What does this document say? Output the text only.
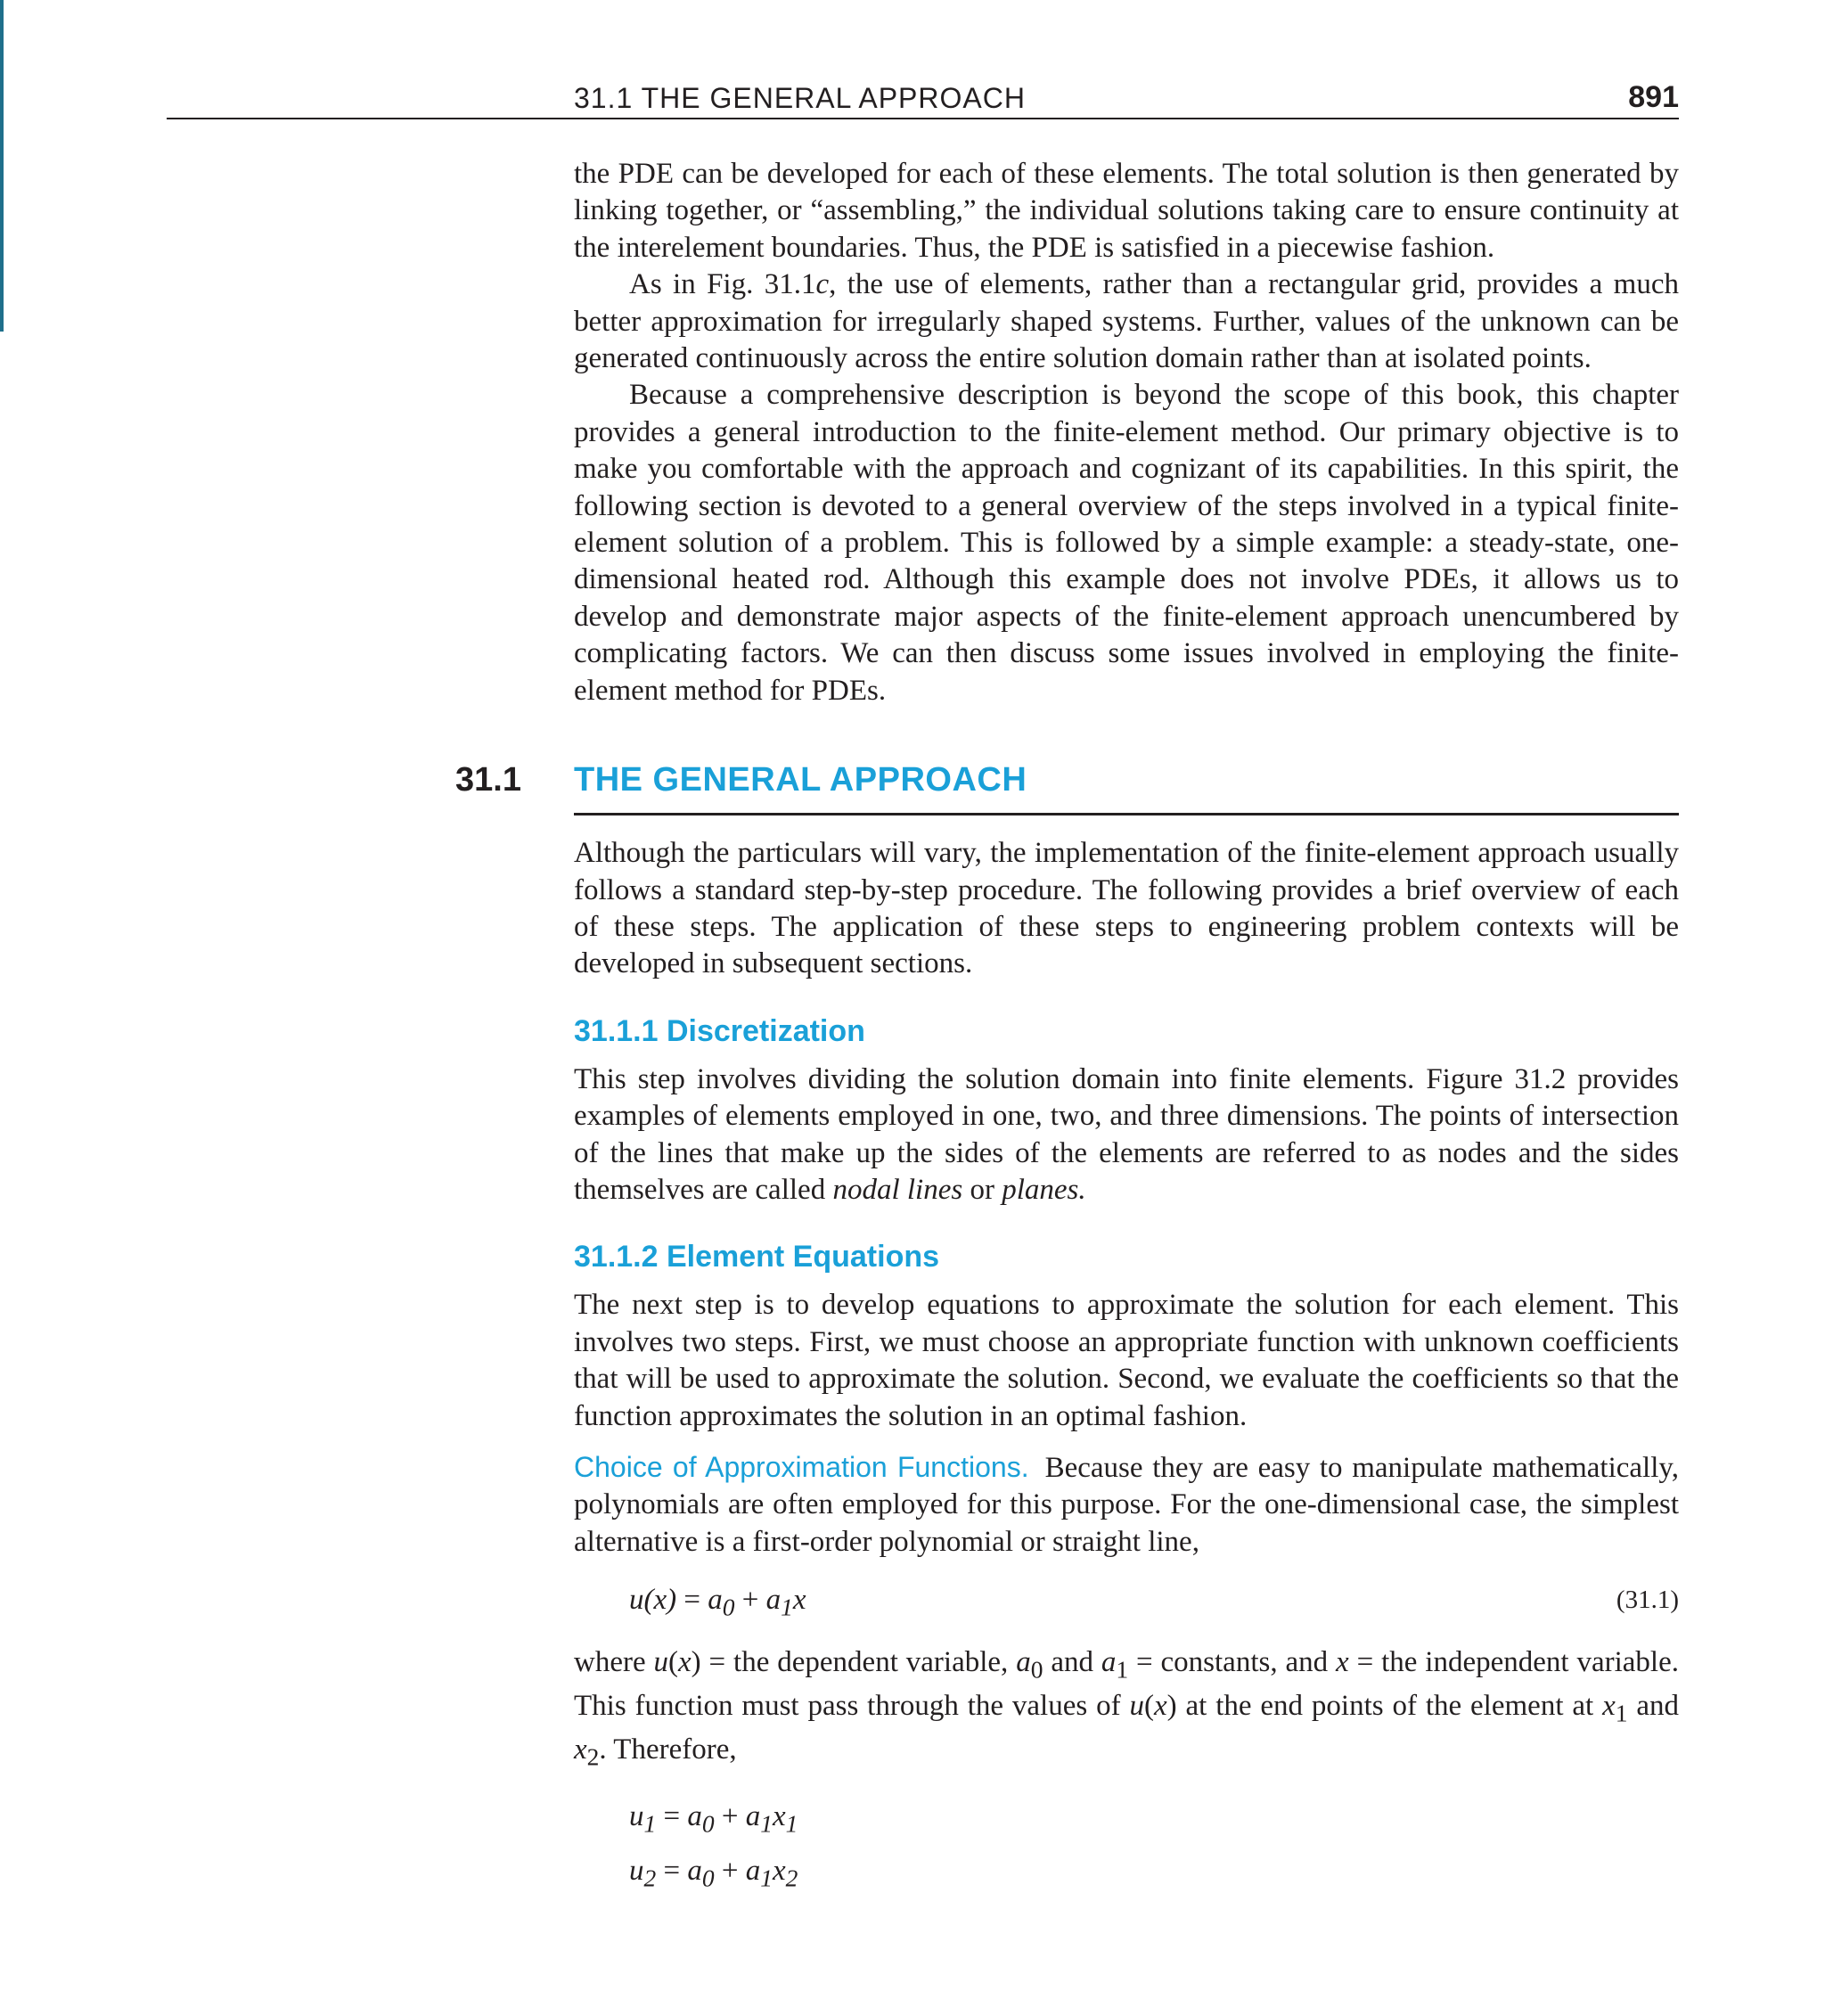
31.1 THE GENERAL APPROACH	891

the PDE can be developed for each of these elements. The total solution is then generated by linking together, or “assembling,” the individual solutions taking care to ensure continuity at the interelement boundaries. Thus, the PDE is satisfied in a piecewise fashion.

As in Fig. 31.1c, the use of elements, rather than a rectangular grid, provides a much better approximation for irregularly shaped systems. Further, values of the unknown can be generated continuously across the entire solution domain rather than at isolated points.

Because a comprehensive description is beyond the scope of this book, this chapter provides a general introduction to the finite-element method. Our primary objective is to make you comfortable with the approach and cognizant of its capabilities. In this spirit, the following section is devoted to a general overview of the steps involved in a typical finite-element solution of a problem. This is followed by a simple example: a steady-state, one-dimensional heated rod. Although this example does not involve PDEs, it allows us to develop and demonstrate major aspects of the finite-element approach unencumbered by complicating factors. We can then discuss some issues involved in employing the finite-element method for PDEs.

31.1 THE GENERAL APPROACH

Although the particulars will vary, the implementation of the finite-element approach usually follows a standard step-by-step procedure. The following provides a brief overview of each of these steps. The application of these steps to engineering problem contexts will be developed in subsequent sections.

31.1.1 Discretization

This step involves dividing the solution domain into finite elements. Figure 31.2 provides examples of elements employed in one, two, and three dimensions. The points of intersection of the lines that make up the sides of the elements are referred to as nodes and the sides themselves are called nodal lines or planes.

31.1.2 Element Equations

The next step is to develop equations to approximate the solution for each element. This involves two steps. First, we must choose an appropriate function with unknown coefficients that will be used to approximate the solution. Second, we evaluate the coefficients so that the function approximates the solution in an optimal fashion.

Choice of Approximation Functions. Because they are easy to manipulate mathematically, polynomials are often employed for this purpose. For the one-dimensional case, the simplest alternative is a first-order polynomial or straight line,

$u(x) = a_0 + a_1x$	(31.1)

where u(x) = the dependent variable, $a_0$ and $a_1$ = constants, and x = the independent variable. This function must pass through the values of u(x) at the end points of the element at $x_1$ and $x_2$. Therefore,

$u_1 = a_0 + a_1x_1$
$u_2 = a_0 + a_1x_2$
